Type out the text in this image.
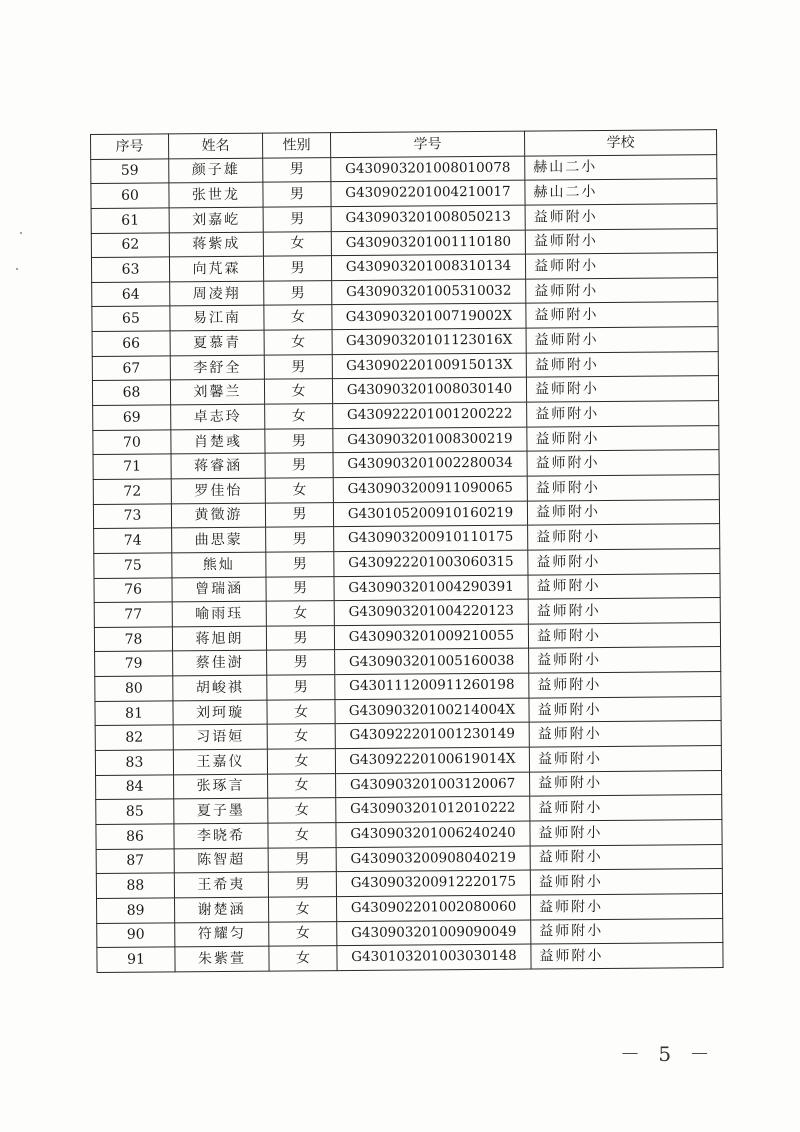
序号	姓名	性别	学号	学校
59	颜子雄	男	G430903201008010078	赫山二小
60	张世龙	男	G430902201004210017	赫山二小
61	刘嘉屹	男	G430903201008050213	益师附小
62	蒋紫成	女	G430903201001110180	益师附小
63	向芃霖	男	G430903201008310134	益师附小
64	周凌翔	男	G430903201005310032	益师附小
65	易江南	女	G43090320100719002X	益师附小
66	夏慕青	女	G43090320101123016X	益师附小
67	李舒全	男	G43090220100915013X	益师附小
68	刘馨兰	女	G430903201008030140	益师附小
69	卓志玲	女	G430922201001200222	益师附小
70	肖楚彧	男	G430903201008300219	益师附小
71	蒋睿涵	男	G430903201002280034	益师附小
72	罗佳怡	女	G430903200911090065	益师附小
73	黄徵游	男	G430105200910160219	益师附小
74	曲思蒙	男	G430903200910110175	益师附小
75	熊灿	男	G430922201003060315	益师附小
76	曾瑞涵	男	G430903201004290391	益师附小
77	喻雨珏	女	G430903201004220123	益师附小
78	蒋旭朗	男	G430903201009210055	益师附小
79	蔡佳澍	男	G430903201005160038	益师附小
80	胡峻祺	男	G430111200911260198	益师附小
81	刘珂璇	女	G43090320100214004X	益师附小
82	习语姮	女	G430922201001230149	益师附小
83	王嘉仪	女	G43092220100619014X	益师附小
84	张琢言	女	G430903201003120067	益师附小
85	夏子墨	女	G430903201012010222	益师附小
86	李晓希	女	G430903201006240240	益师附小
87	陈智超	男	G430903200908040219	益师附小
88	王希夷	男	G430903200912220175	益师附小
89	谢楚涵	女	G430902201002080060	益师附小
90	符耀匀	女	G430903201009090049	益师附小
91	朱紫萱	女	G430103201003030148	益师附小
－ 5 －
